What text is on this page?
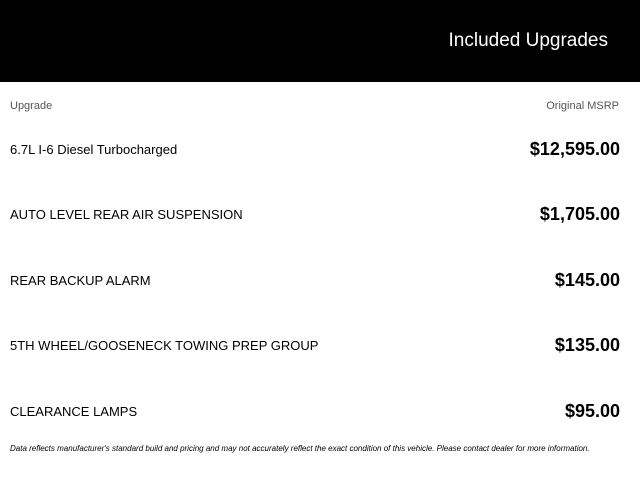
Included Upgrades
Upgrade	Original MSRP
6.7L I-6 Diesel Turbocharged	$12,595.00
AUTO LEVEL REAR AIR SUSPENSION	$1,705.00
REAR BACKUP ALARM	$145.00
5TH WHEEL/GOOSENECK TOWING PREP GROUP	$135.00
CLEARANCE LAMPS	$95.00
Data reflects manufacturer's standard build and pricing and may not accurately reflect the exact condition of this vehicle. Please contact dealer for more information.
